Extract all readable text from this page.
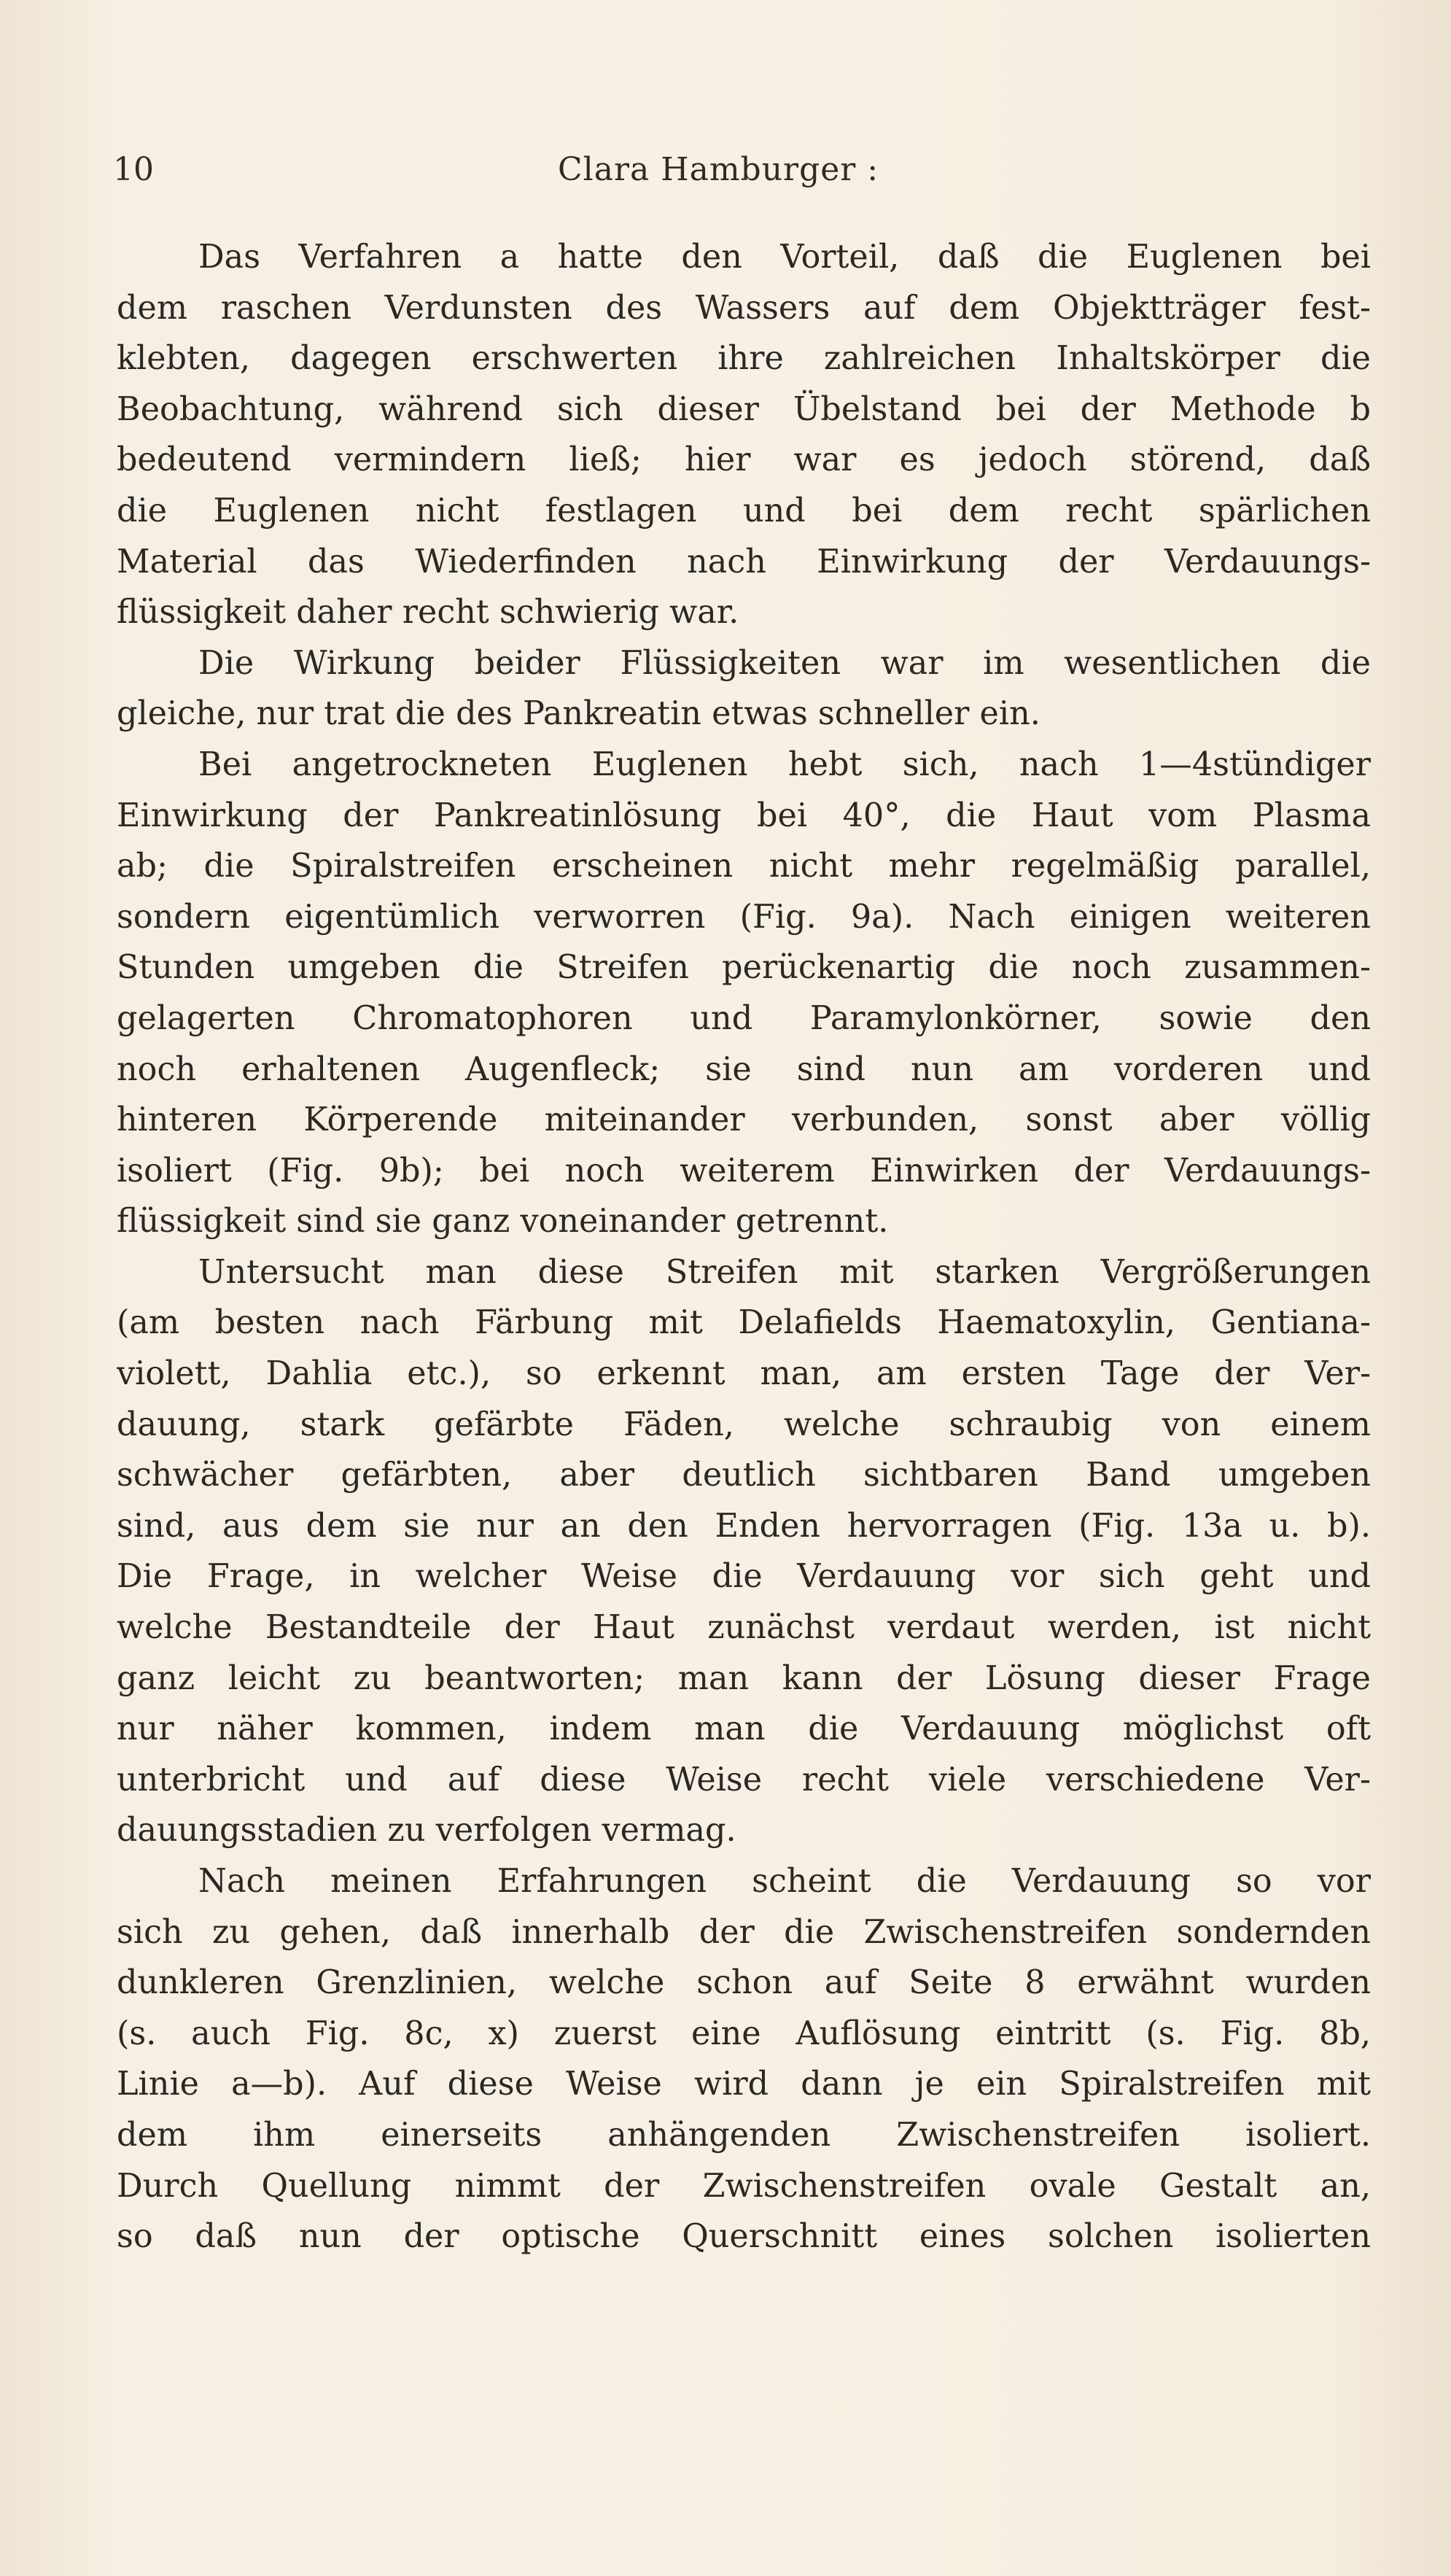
10	Clara Hamburger :
Das Verfahren a hatte den Vorteil, daß die Euglenen bei
dem raschen Verdunsten des Wassers auf dem Objektträger fest-
klebten, dagegen erschwerten ihre zahlreichen Inhaltskörper die
Beobachtung, während sich dieser Übelstand bei der Methode b
bedeutend vermindern ließ; hier war es jedoch störend, daß
die Euglenen nicht festlagen und bei dem recht spärlichen
Material das Wiederfinden nach Einwirkung der Verdauungs-
flüssigkeit daher recht schwierig war.
Die Wirkung beider Flüssigkeiten war im wesentlichen die
gleiche, nur trat die des Pankreatin etwas schneller ein.
Bei angetrockneten Euglenen hebt sich, nach 1—4stündiger
Einwirkung der Pankreatinlösung bei 40°, die Haut vom Plasma
ab; die Spiralstreifen erscheinen nicht mehr regelmäßig parallel,
sondern eigentümlich verworren (Fig. 9a). Nach einigen weiteren
Stunden umgeben die Streifen perückenartig die noch zusammen-
gelagerten Chromatophoren und Paramylonkörner, sowie den
noch erhaltenen Augenfleck; sie sind nun am vorderen und
hinteren Körperende miteinander verbunden, sonst aber völlig
isoliert (Fig. 9b); bei noch weiterem Einwirken der Verdauungs-
flüssigkeit sind sie ganz voneinander getrennt.
Untersucht man diese Streifen mit starken Vergrößerungen
(am besten nach Färbung mit Delafields Haematoxylin, Gentiana-
violett, Dahlia etc.), so erkennt man, am ersten Tage der Ver-
dauung, stark gefärbte Fäden, welche schraubig von einem
schwächer gefärbten, aber deutlich sichtbaren Band umgeben
sind, aus dem sie nur an den Enden hervorragen (Fig. 13a u. b).
Die Frage, in welcher Weise die Verdauung vor sich geht und
welche Bestandteile der Haut zunächst verdaut werden, ist nicht
ganz leicht zu beantworten; man kann der Lösung dieser Frage
nur näher kommen, indem man die Verdauung möglichst oft
unterbricht und auf diese Weise recht viele verschiedene Ver-
dauungsstadien zu verfolgen vermag.
Nach meinen Erfahrungen scheint die Verdauung so vor
sich zu gehen, daß innerhalb der die Zwischenstreifen sondernden
dunkleren Grenzlinien, welche schon auf Seite 8 erwähnt wurden
(s. auch Fig. 8c, x) zuerst eine Auflösung eintritt (s. Fig. 8b,
Linie a—b). Auf diese Weise wird dann je ein Spiralstreifen mit
dem ihm einerseits anhängenden Zwischenstreifen isoliert.
Durch Quellung nimmt der Zwischenstreifen ovale Gestalt an,
so daß nun der optische Querschnitt eines solchen isolierten
